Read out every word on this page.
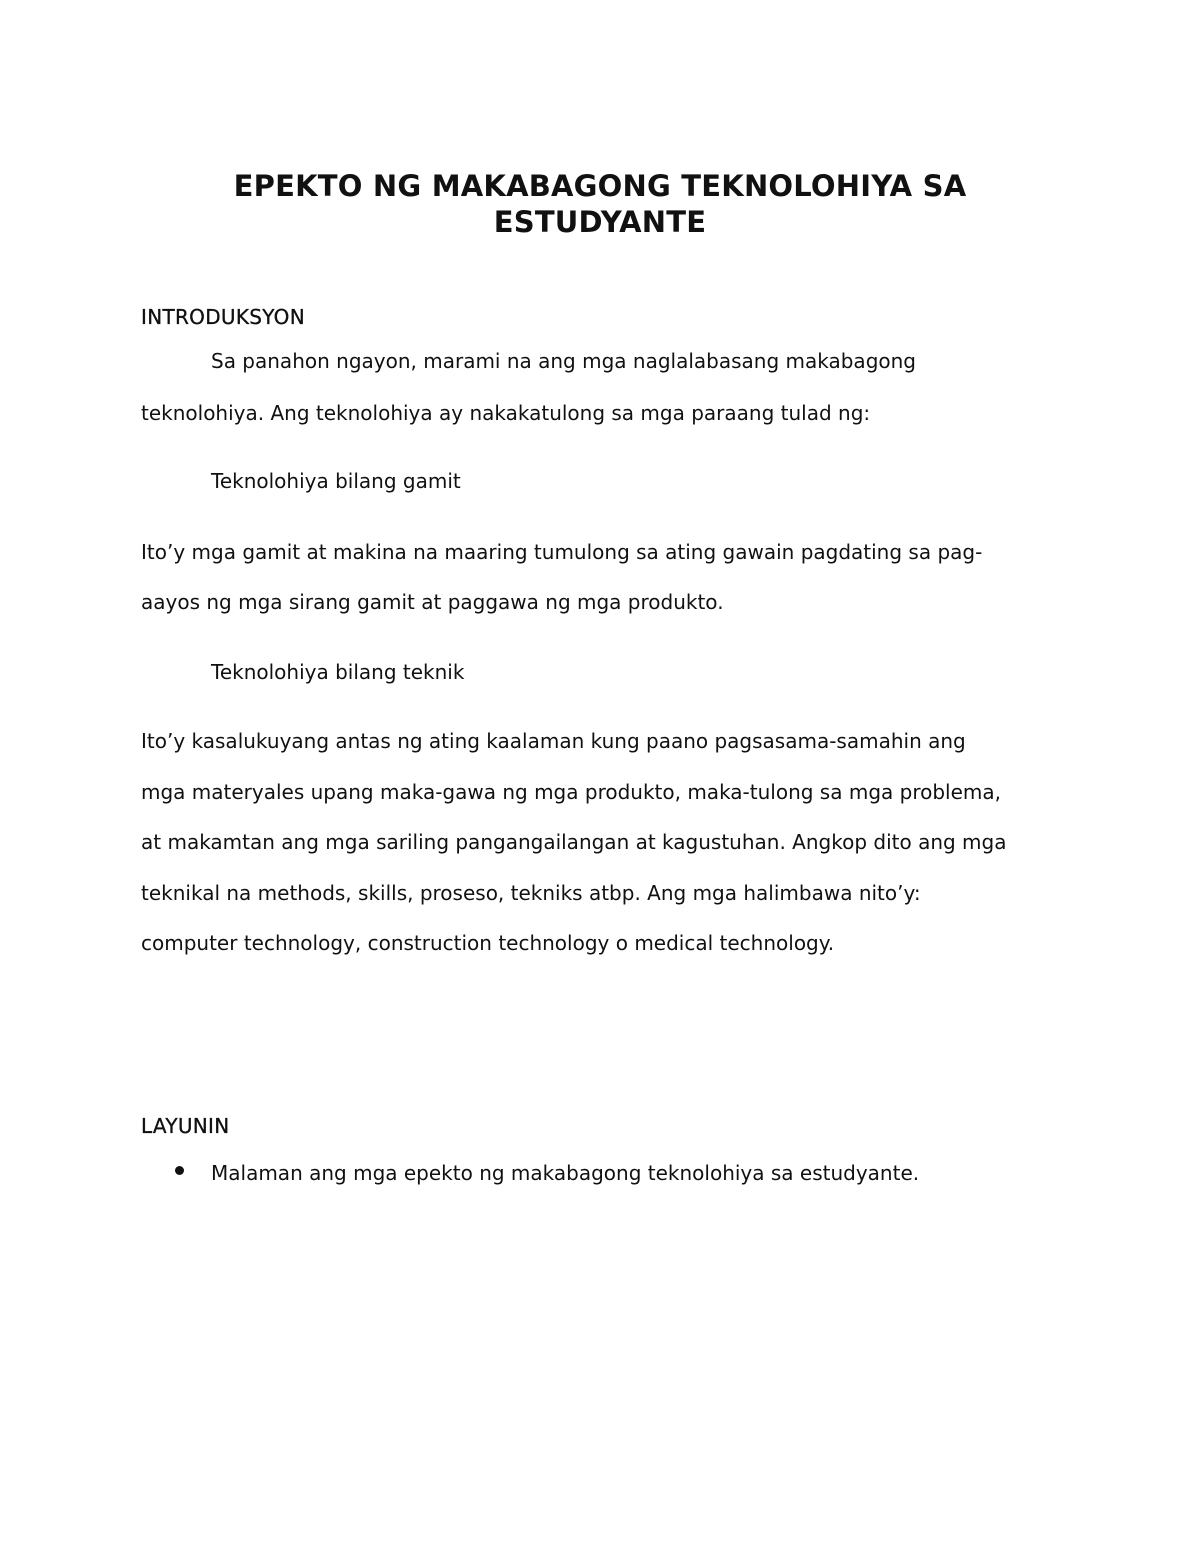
EPEKTO NG MAKABAGONG TEKNOLOHIYA SA
ESTUDYANTE
INTRODUKSYON
Sa panahon ngayon, marami na ang mga naglalabasang makabagong
teknolohiya. Ang teknolohiya ay nakakatulong sa mga paraang tulad ng:
Teknolohiya bilang gamit
Ito’y mga gamit at makina na maaring tumulong sa ating gawain pagdating sa pag-
aayos ng mga sirang gamit at paggawa ng mga produkto.
Teknolohiya bilang teknik
Ito’y kasalukuyang antas ng ating kaalaman kung paano pagsasama-samahin ang
mga materyales upang maka-gawa ng mga produkto, maka-tulong sa mga problema,
at makamtan ang mga sariling pangangailangan at kagustuhan. Angkop dito ang mga
teknikal na methods, skills, proseso, tekniks atbp. Ang mga halimbawa nito’y:
computer technology, construction technology o medical technology.
LAYUNIN
Malaman ang mga epekto ng makabagong teknolohiya sa estudyante.
